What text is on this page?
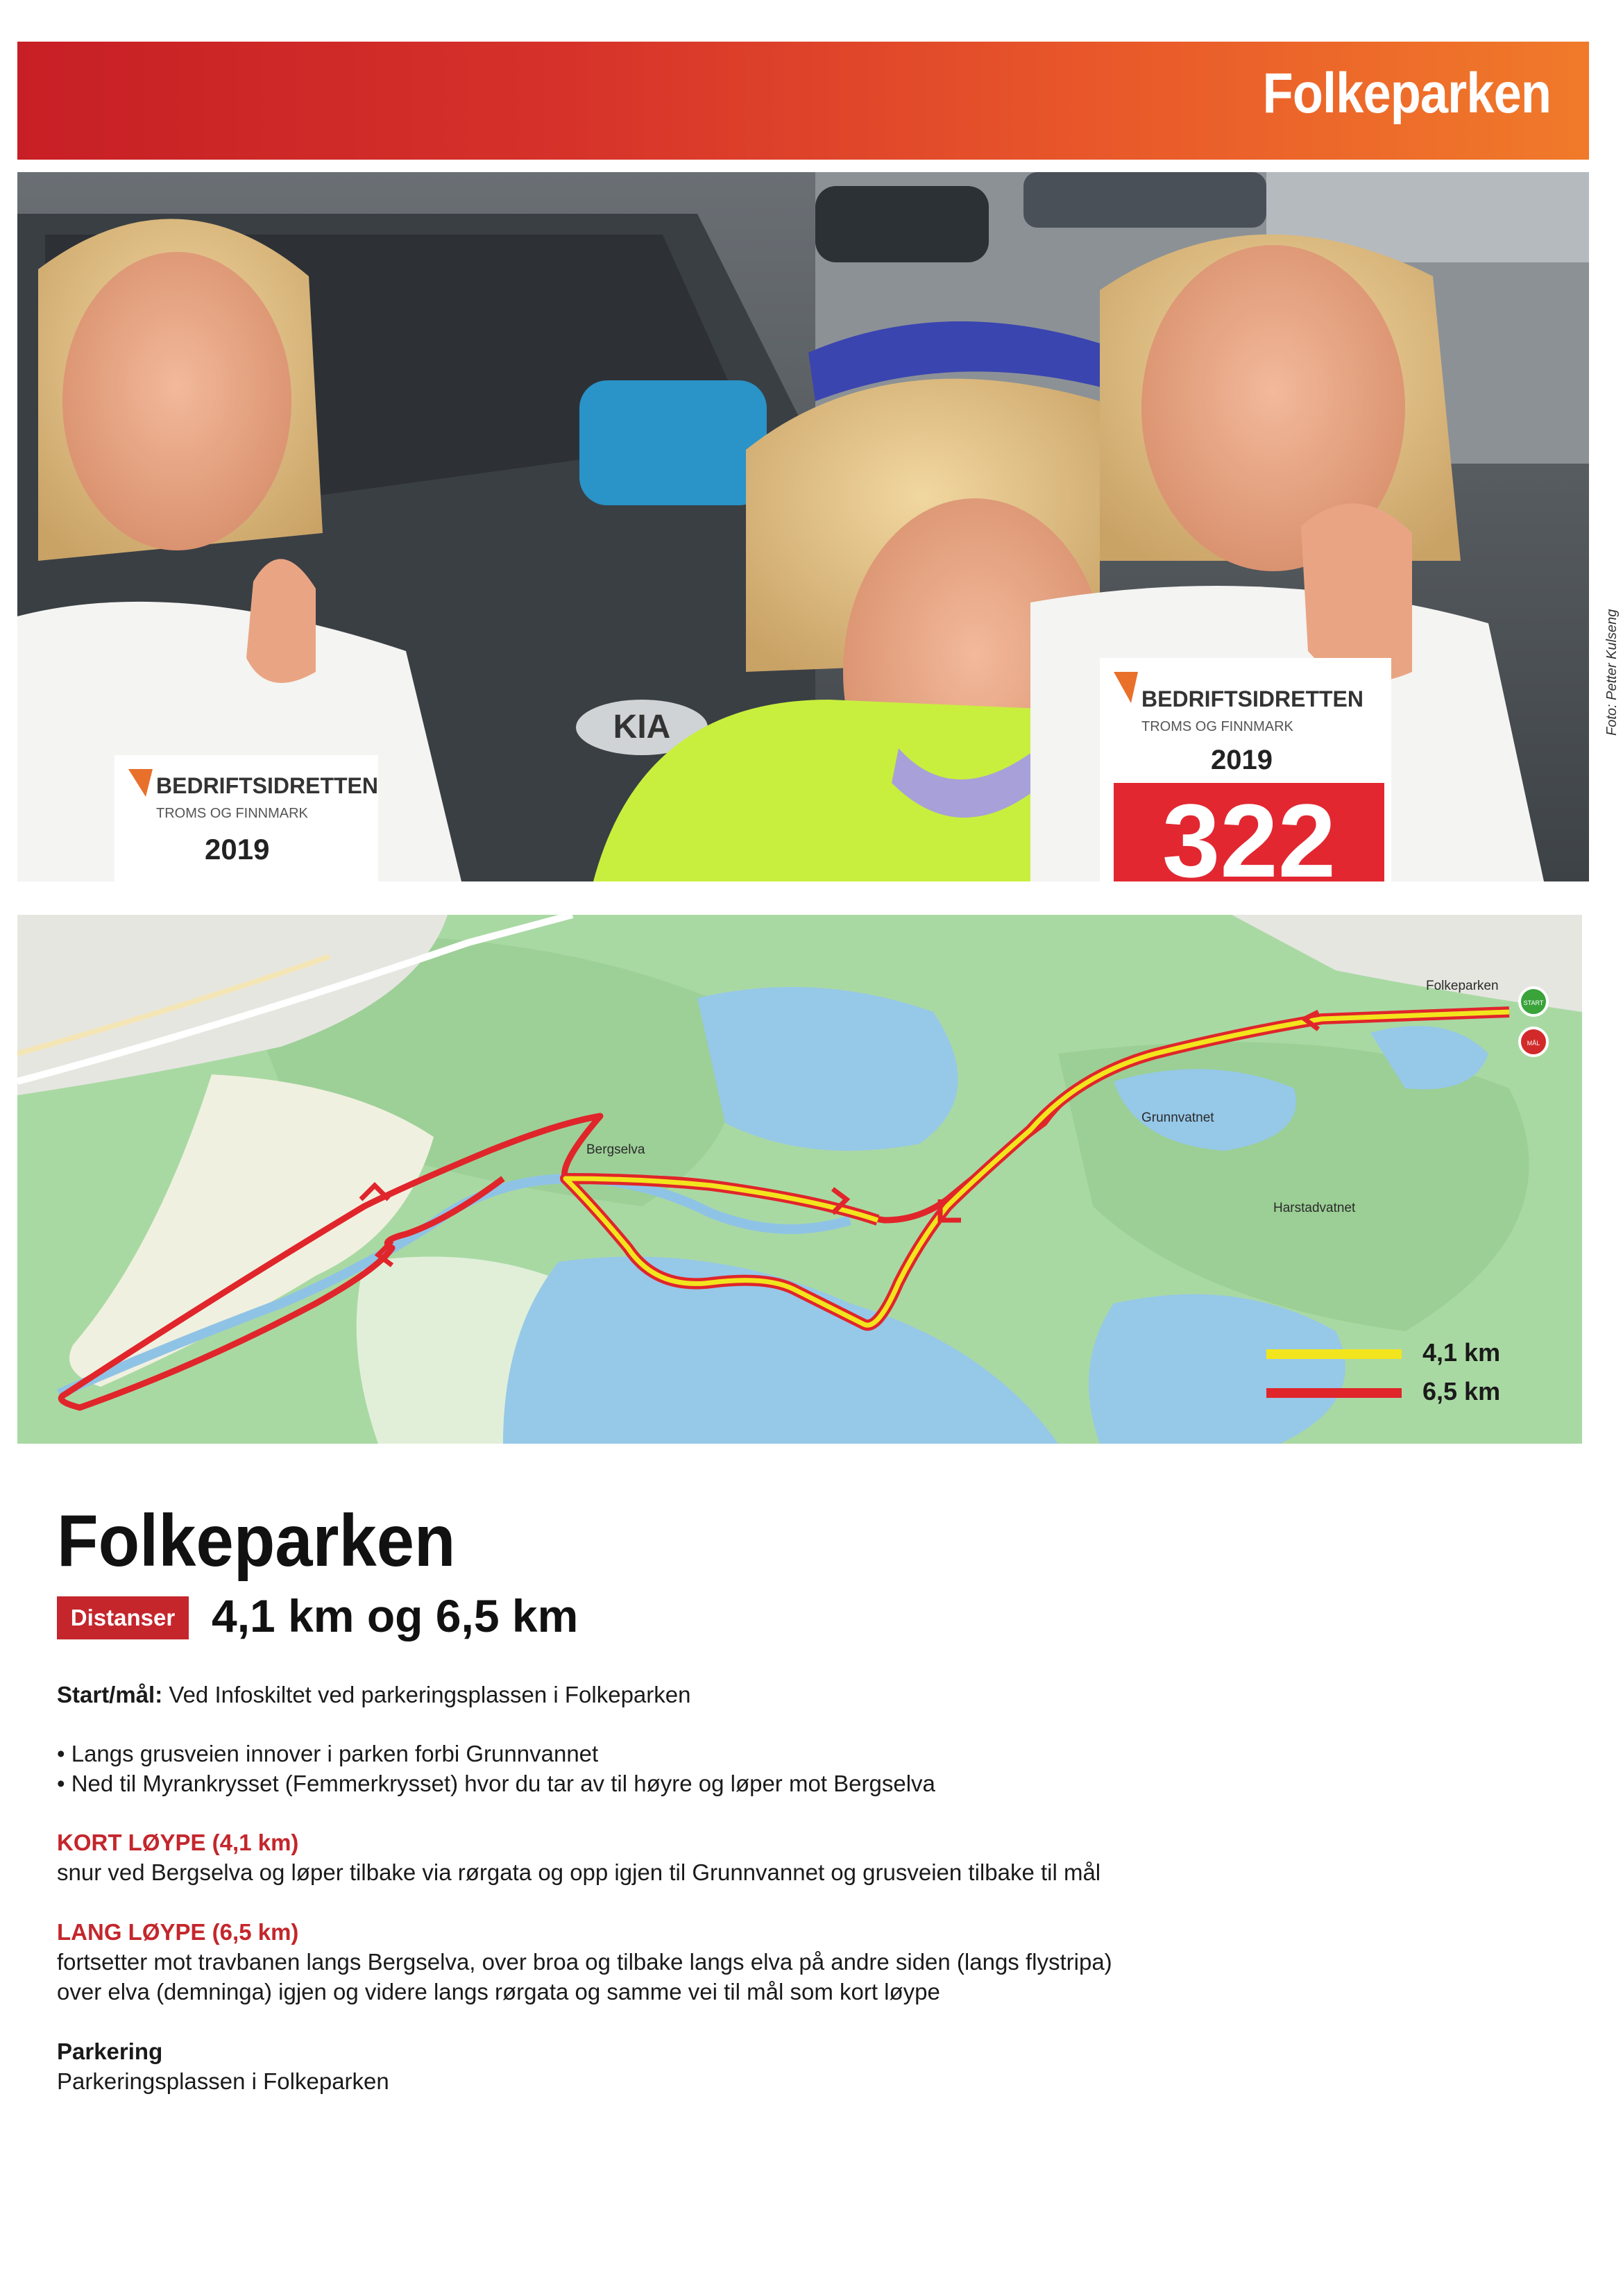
Folkeparken
KIA
BEDRIFTSIDRETTEN
TROMS OG FINNMARK
2019
BEDRIFTSIDRETTEN
TROMS OG FINNMARK
2019
322
Foto: Petter Kulseng
START
MÅL
Folkeparken
Bergselva
Grunnvatnet
Harstadvatnet
4,1 km
6,5 km
Folkeparken
Distanser 4,1 km og 6,5 km
Start/mål: Ved Infoskiltet ved parkeringsplassen i Folkeparken
• Langs grusveien innover i parken forbi Grunnvannet
• Ned til Myrankrysset (Femmerkrysset) hvor du tar av til høyre og løper mot Bergselva
KORT LØYPE (4,1 km)
snur ved Bergselva og løper tilbake via rørgata og opp igjen til Grunnvannet og grusveien tilbake til mål
LANG LØYPE (6,5 km)
fortsetter mot travbanen langs Bergselva, over broa og tilbake langs elva på andre siden (langs flystripa)
over elva (demninga) igjen og videre langs rørgata og samme vei til mål som kort løype
Parkering
Parkeringsplassen i Folkeparken
